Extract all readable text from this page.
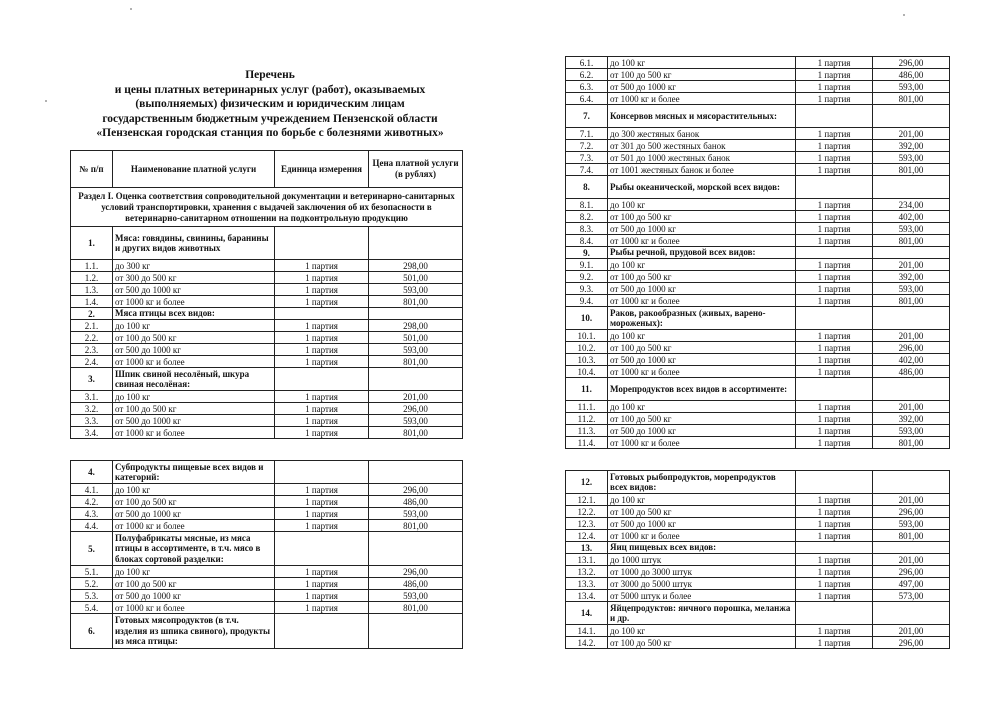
Перечень
и цены платных ветеринарных услуг (работ), оказываемых
(выполняемых) физическим и юридическим лицам
государственным бюджетным учреждением Пензенской области
«Пензенская городская станция по борьбе с болезнями животных»
№ п/п	Наименование платной услуги	Единица измерения	Цена платной услуги (в рублях)
Раздел I. Оценка соответствия сопроводительной документации и ветеринарно-санитарных условий транспортировки, хранения с выдачей заключения об их безопасности в ветеринарно-санитарном отношении на подконтрольную продукцию			
1.	Мяса: говядины, свинины, баранины и других видов животных		
1.1.	до 300 кг	1 партия	298,00
1.2.	от 300 до 500 кг	1 партия	501,00
1.3.	от 500 до 1000 кг	1 партия	593,00
1.4.	от 1000 кг и более	1 партия	801,00
2.	Мяса птицы всех видов:		
2.1.	до 100 кг	1 партия	298,00
2.2.	от 100 до 500 кг	1 партия	501,00
2.3.	от 500 до 1000 кг	1 партия	593,00
2.4.	от 1000 кг и более	1 партия	801,00
3.	Шпик свиной несолёный, шкура свиная несолёная:		
3.1.	до 100 кг	1 партия	201,00
3.2.	от 100 до 500 кг	1 партия	296,00
3.3.	от 500 до 1000 кг	1 партия	593,00
3.4.	от 1000 кг и более	1 партия	801,00
4.	Субпродукты пищевые всех видов и категорий:		
4.1.	до 100 кг	1 партия	296,00
4.2.	от 100 до 500 кг	1 партия	486,00
4.3.	от 500 до 1000 кг	1 партия	593,00
4.4.	от 1000 кг и более	1 партия	801,00
5.	Полуфабрикаты мясные, из мяса птицы в ассортименте, в т.ч. мясо в блоках сортовой разделки:		
5.1.	до 100 кг	1 партия	296,00
5.2.	от 100 до 500 кг	1 партия	486,00
5.3.	от 500 до 1000 кг	1 партия	593,00
5.4.	от 1000 кг и более	1 партия	801,00
6.	Готовых мясопродуктов (в т.ч. изделия из шпика свиного), продукты из мяса птицы:		
6.1.	до 100 кг	1 партия	296,00
6.2.	от 100 до 500 кг	1 партия	486,00
6.3.	от 500 до 1000 кг	1 партия	593,00
6.4.	от 1000 кг и более	1 партия	801,00
7.	Консервов мясных и мясорастительных:		
7.1.	до 300 жестяных банок	1 партия	201,00
7.2.	от 301 до 500 жестяных банок	1 партия	392,00
7.3.	от 501 до 1000 жестяных банок	1 партия	593,00
7.4.	от 1001 жестяных банок и более	1 партия	801,00
8.	Рыбы океанической, морской всех видов:		
8.1.	до 100 кг	1 партия	234,00
8.2.	от 100 до 500 кг	1 партия	402,00
8.3.	от 500 до 1000 кг	1 партия	593,00
8.4.	от 1000 кг и более	1 партия	801,00
9.	Рыбы речной, прудовой всех видов:		
9.1.	до 100 кг	1 партия	201,00
9.2.	от 100 до 500 кг	1 партия	392,00
9.3.	от 500 до 1000 кг	1 партия	593,00
9.4.	от 1000 кг и более	1 партия	801,00
10.	Раков, ракообразных (живых, варено-мороженых):		
10.1.	до 100 кг	1 партия	201,00
10.2.	от 100 до 500 кг	1 партия	296,00
10.3.	от 500 до 1000 кг	1 партия	402,00
10.4.	от 1000 кг и более	1 партия	486,00
11.	Морепродуктов всех видов в ассортименте:		
11.1.	до 100 кг	1 партия	201,00
11.2.	от 100 до 500 кг	1 партия	392,00
11.3.	от 500 до 1000 кг	1 партия	593,00
11.4.	от 1000 кг и более	1 партия	801,00
12.	Готовых рыбопродуктов, морепродуктов всех видов:		
12.1.	до 100 кг	1 партия	201,00
12.2.	от 100 до 500 кг	1 партия	296,00
12.3.	от 500 до 1000 кг	1 партия	593,00
12.4.	от 1000 кг и более	1 партия	801,00
13.	Яиц пищевых всех видов:		
13.1.	до 1000 штук	1 партия	201,00
13.2.	от 1000 до 3000 штук	1 партия	296,00
13.3.	от 3000 до 5000 штук	1 партия	497,00
13.4.	от 5000 штук и более	1 партия	573,00
14.	Яйцепродуктов: яичного порошка, меланжа и др.		
14.1.	до 100 кг	1 партия	201,00
14.2.	от 100 до 500 кг	1 партия	296,00
